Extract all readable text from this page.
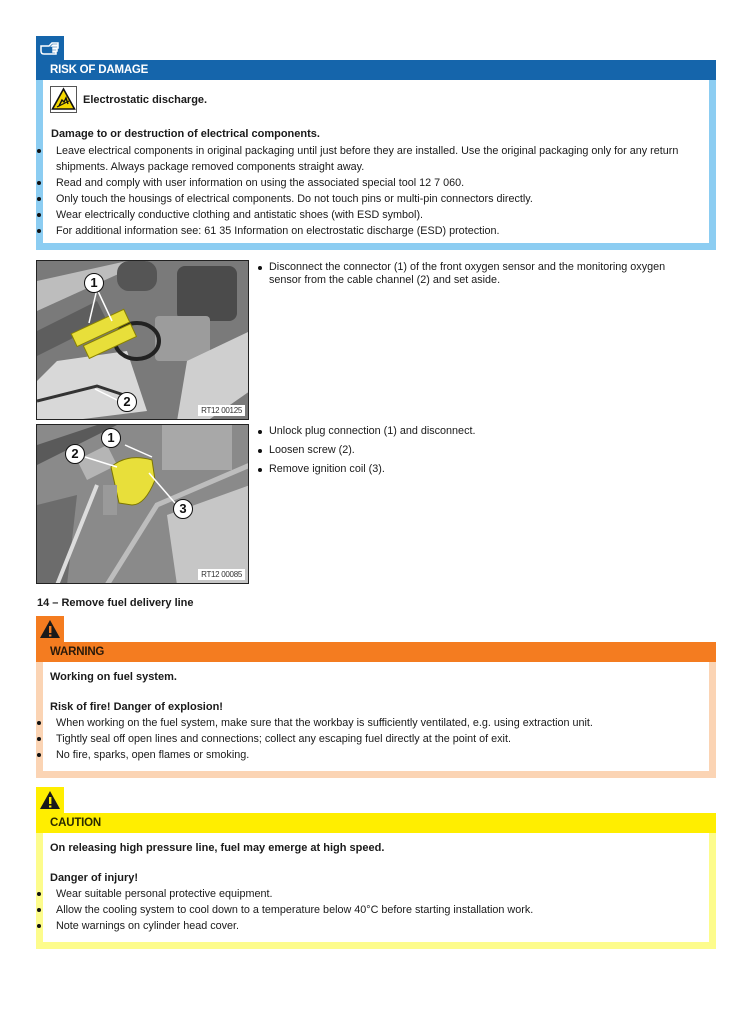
RISK OF DAMAGE
Electrostatic discharge.
Damage to or destruction of electrical components.
Leave electrical components in original packaging until just before they are installed. Use the original packaging only for any return shipments. Always package removed components straight away.
Read and comply with user information on using the associated special tool 12 7 060.
Only touch the housings of electrical components. Do not touch pins or multi-pin connectors directly.
Wear electrically conductive clothing and antistatic shoes (with ESD symbol).
For additional information see: 61 35 Information on electrostatic discharge (ESD) protection.
1
2
RT12 00125
Disconnect the connector (1) of the front oxygen sensor and the monitoring oxygen sensor from the cable channel (2) and set aside.
1
2
3
RT12 00085
Unlock plug connection (1) and disconnect.
Loosen screw (2).
Remove ignition coil (3).
14 – Remove fuel delivery line
WARNING
Working on fuel system.
Risk of fire! Danger of explosion!
When working on the fuel system, make sure that the workbay is sufficiently ventilated, e.g. using extraction unit.
Tightly seal off open lines and connections; collect any escaping fuel directly at the point of exit.
No fire, sparks, open flames or smoking.
CAUTION
On releasing high pressure line, fuel may emerge at high speed.
Danger of injury!
Wear suitable personal protective equipment.
Allow the cooling system to cool down to a temperature below 40°C before starting installation work.
Note warnings on cylinder head cover.
